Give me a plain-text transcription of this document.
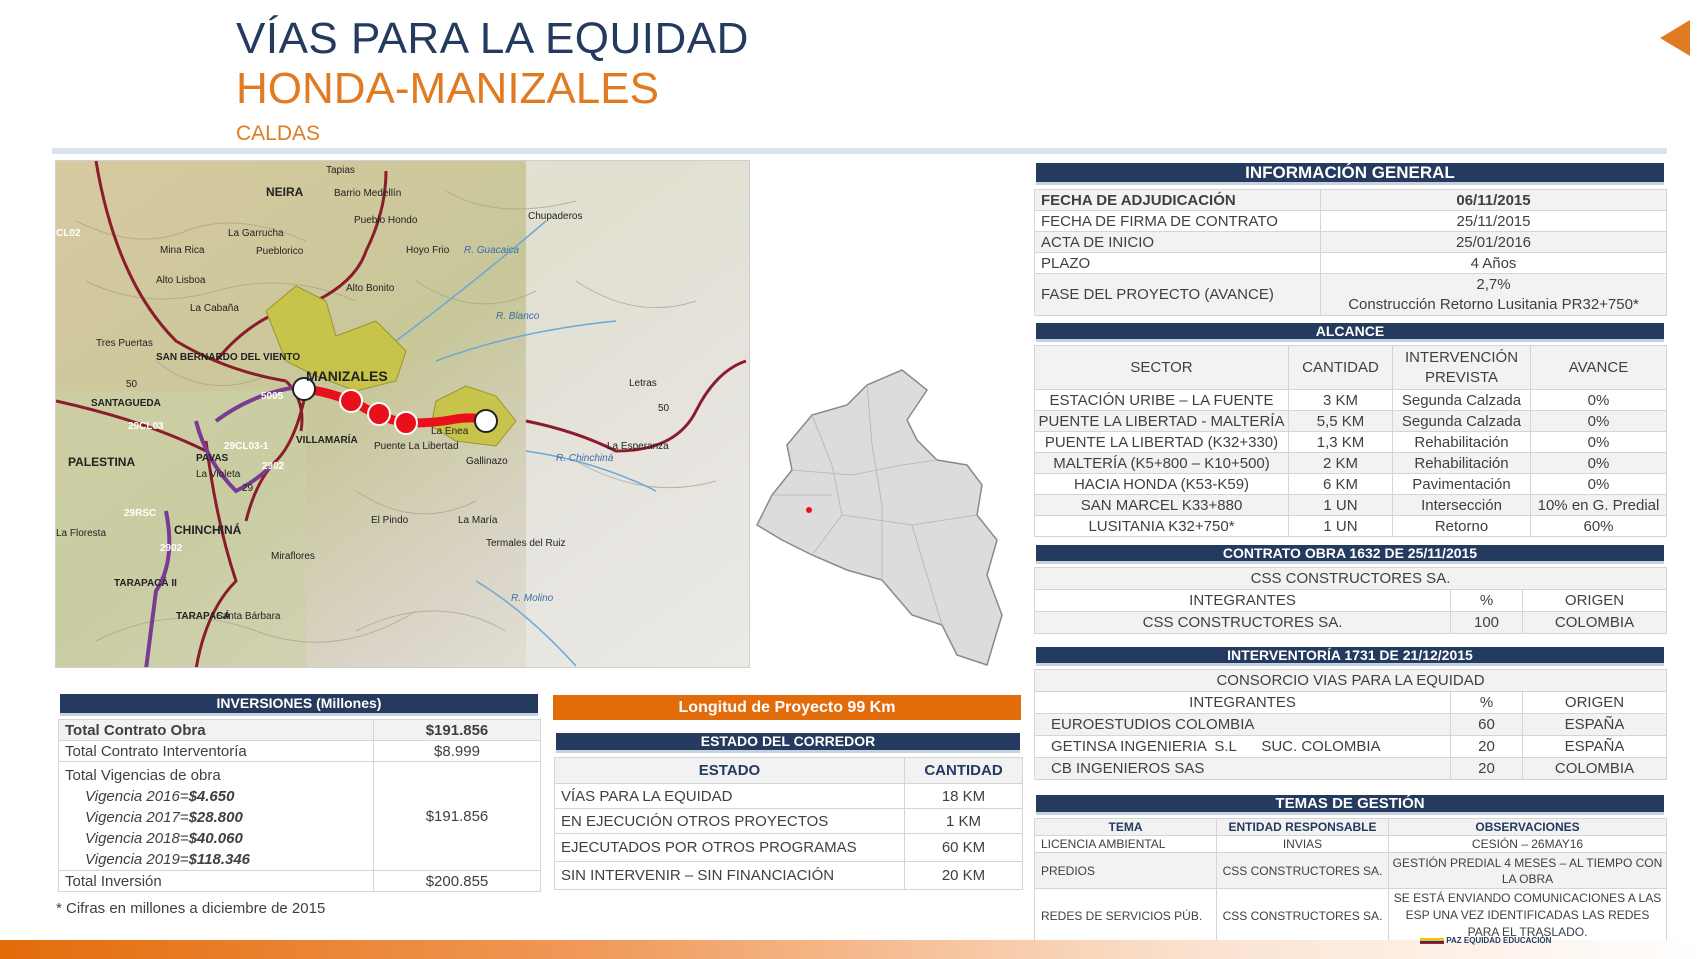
VÍAS PARA LA EQUIDAD
HONDA-MANIZALES
CALDAS
Tapias
NEIRA	Barrio Medellín
Pueblo Hondo	Chupaderos
CL02	La Garrucha
Pueblorico	Hoyo Frio R. Guacaica
Mina Rica
Alto Lisboa
Alto Bonito
La Cabaña
R. Blanco
Tres Puertas
SAN BERNARDO DEL VIENTO
MANIZALES	Letras
SANTAGUEDA
5005
29CL03
VILLAMARÍA
La Enea
Puente La Libertad
29CL03-1
PAVAS
PALESTINA	2902
La Violeta
Gallinazo
La Esperanza
R. Chinchiná
29RSC
CHINCHINÁ
El Pindo	La María
La Floresta
2902	Termales del Ruiz
Miraflores
TARAPACÁ II
TARAPACÁ
Santa Bárbara
R. Molino
50
50
29
INVERSIONES (Millones)
Total Contrato Obra	$191.856
Total Contrato Interventoría	$8.999

Total Vigencias de obra
Vigencia 2016=$4.650
Vigencia 2017=$28.800
Vigencia 2018=$40.060
Vigencia 2019=$118.346	$191.856
Total Inversión	$200.855
* Cifras en millones a diciembre de 2015
Longitud de Proyecto 99 Km
ESTADO DEL CORREDOR
ESTADO	CANTIDAD
VÍAS PARA LA EQUIDAD	18 KM
EN EJECUCIÓN OTROS PROYECTOS	1 KM
EJECUTADOS POR OTROS PROGRAMAS	60 KM
SIN INTERVENIR – SIN FINANCIACIÓN	20 KM
INFORMACIÓN GENERAL
FECHA DE ADJUDICACIÓN	06/11/2015
FECHA DE FIRMA DE CONTRATO	25/11/2015
ACTA DE INICIO	25/01/2016
PLAZO	4 Años
FASE DEL PROYECTO (AVANCE)	2,7%
Construcción Retorno Lusitania PR32+750*
ALCANCE
SECTOR	CANTIDAD	INTERVENCIÓN PREVISTA	AVANCE
ESTACIÓN URIBE – LA FUENTE	3 KM	Segunda Calzada	0%
PUENTE LA LIBERTAD - MALTERÍA	5,5 KM	Segunda Calzada	0%
PUENTE LA LIBERTAD (K32+330)	1,3 KM	Rehabilitación	0%
MALTERÍA (K5+800 – K10+500)	2 KM	Rehabilitación	0%
HACIA HONDA (K53-K59)	6 KM	Pavimentación	0%
SAN MARCEL K33+880	1 UN	Intersección	10% en G. Predial
LUSITANIA K32+750*	1 UN	Retorno	60%
CONTRATO OBRA 1632 DE 25/11/2015
CSS CONSTRUCTORES SA.		
INTEGRANTES	%	ORIGEN
CSS CONSTRUCTORES SA.	100	COLOMBIA
INTERVENTORÍA 1731 DE 21/12/2015
CONSORCIO VIAS PARA LA EQUIDAD		
INTEGRANTES	%	ORIGEN
EUROESTUDIOS COLOMBIA	60	ESPAÑA
GETINSA INGENIERIA  S.L      SUC. COLOMBIA	20	ESPAÑA
CB INGENIEROS SAS	20	COLOMBIA
TEMAS DE GESTIÓN
TEMA	ENTIDAD RESPONSABLE	OBSERVACIONES
LICENCIA AMBIENTAL	INVIAS	CESIÓN – 26MAY16
PREDIOS	CSS CONSTRUCTORES SA.	GESTIÓN PREDIAL 4 MESES – AL TIEMPO CON
LA OBRA

REDES DE SERVICIOS PÚB.	CSS CONSTRUCTORES SA.	SE ESTÁ ENVIANDO COMUNICACIONES A LAS
ESP UNA VEZ IDENTIFICADAS LAS REDES
PARA EL TRASLADO.
PAZ EQUIDAD EDUCACIÓN
